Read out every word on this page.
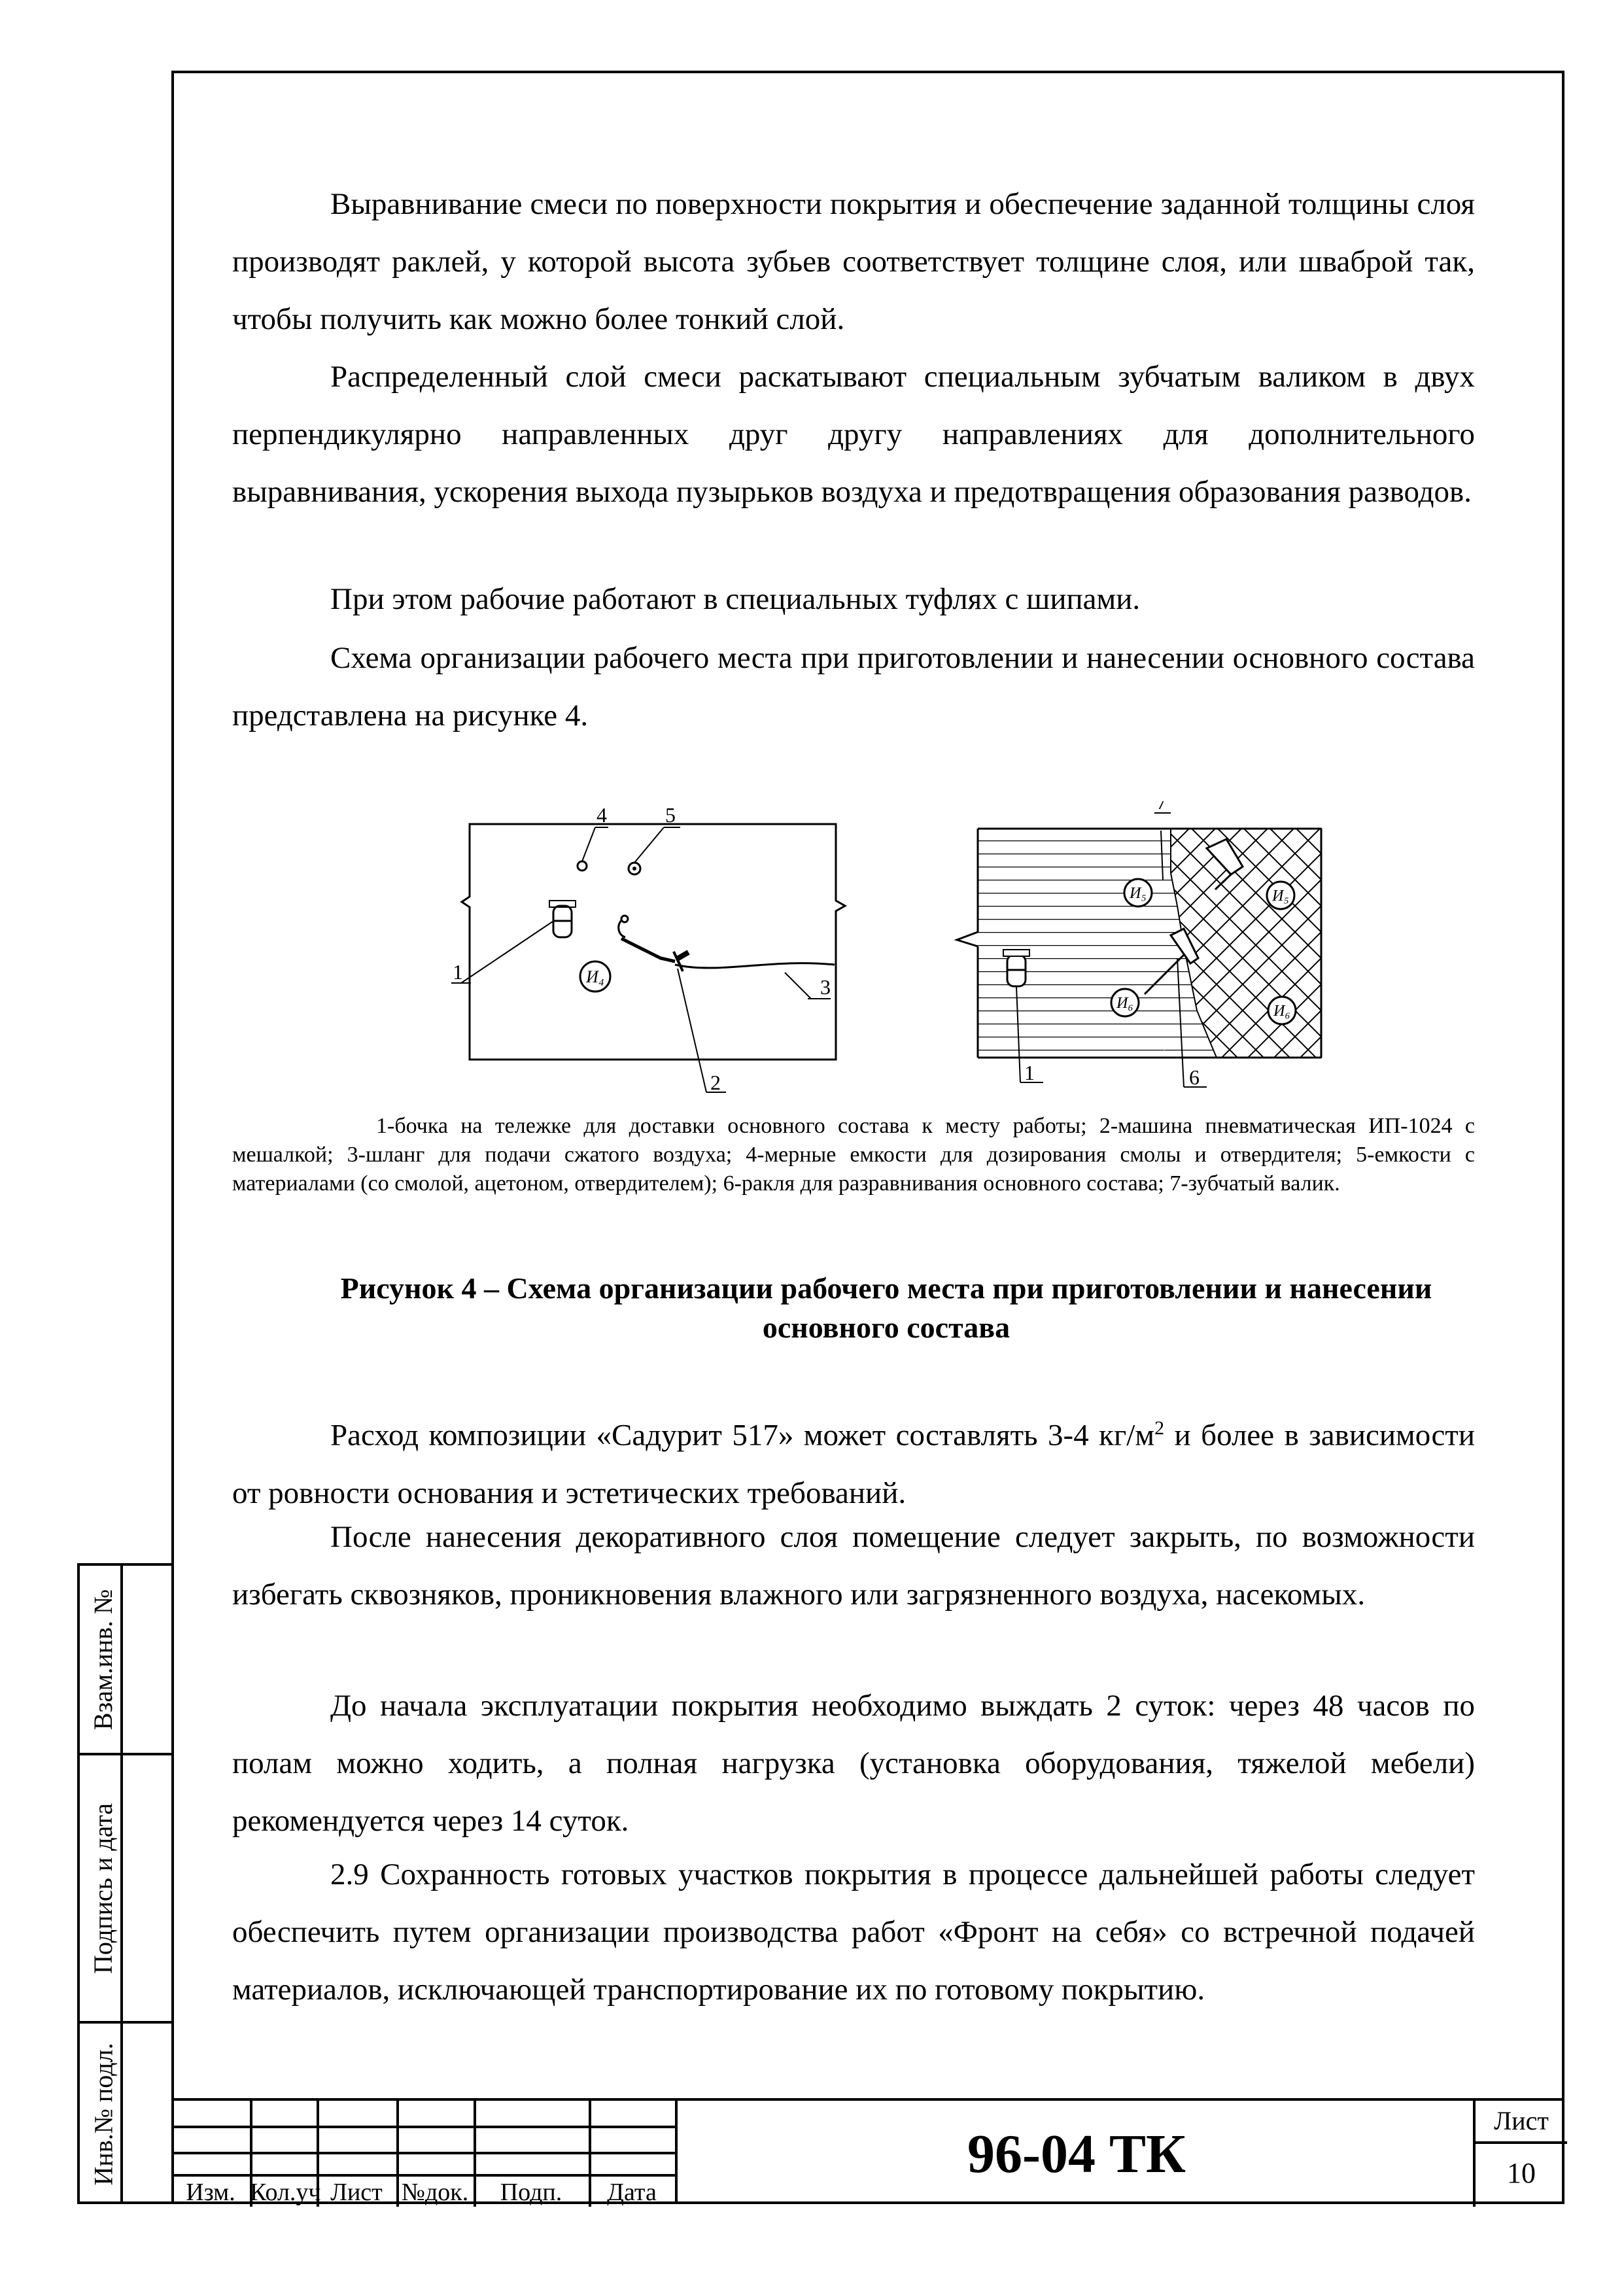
Взам.инв. №
Подпись и дата
Инв.№ подл.

Выравнивание смеси по поверхности покрытия и обеспечение заданной толщины слоя производят раклей, у которой высота зубьев соответствует толщине слоя, или шваброй так, чтобы получить как можно более тонкий слой.

Распределенный слой смеси раскатывают специальным зубчатым валиком в двух перпендикулярно направленных друг другу направлениях для дополнительного выравнивания, ускорения выхода пузырьков воздуха и предотвращения образования разводов.

При этом рабочие работают в специальных туфлях с шипами.

Схема организации рабочего места при приготовлении и нанесении основного состава представлена на рисунке 4.

4	5
1	И₄	3
2
7
И₅	И₅
И₆	И₆
1	6
1-бочка на тележке для доставки основного состава к месту работы; 2-машина пневматическая ИП-1024 с мешалкой; 3-шланг для подачи сжатого воздуха; 4-мерные емкости для дозирования смолы и отвердителя; 5-емкости с материалами (со смолой, ацетоном, отвердителем); 6-ракля для разравнивания основного состава; 7-зубчатый валик.
Рисунок 4 – Схема организации рабочего места при приготовлении и нанесении основного состава

Расход композиции «Садурит 517» может составлять 3-4 $кг/м^2$ и более в зависимости от ровности основания и эстетических требований.

После нанесения декоративного слоя помещение следует закрыть, по возможности избегать сквозняков, проникновения влажного или загрязненного воздуха, насекомых.

До начала эксплуатации покрытия необходимо выждать 2 суток: через 48 часов по полам можно ходить, а полная нагрузка (установка оборудования, тяжелой мебели) рекомендуется через 14 суток.

2.9 Сохранность готовых участков покрытия в процессе дальнейшей работы следует обеспечить путем организации производства работ «Фронт на себя» со встречной подачей материалов, исключающей транспортирование их по готовому покрытию.

Изм. Кол.уч Лист №док.	Подп.	Дата
96-04 ТК
Лист
10
